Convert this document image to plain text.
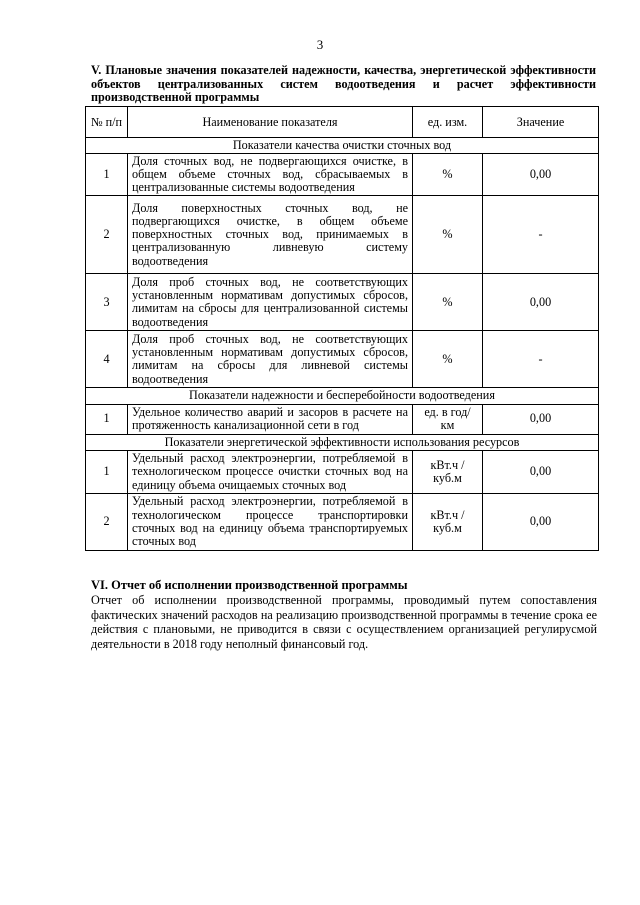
3
V. Плановые значения показателей надежности, качества, энергетической эффективности объектов централизованных систем водоотведения и расчет эффективности производственной программы
№ п/п	Наименование показателя	ед. изм.	Значение
Показатели качества очистки сточных вод			
1	Доля сточных вод, не подвергающихся очистке, в общем объеме сточных вод, сбрасываемых в централизованные системы водоотведения	%	0,00
2	Доля поверхностных сточных вод, не подвергающихся очистке, в общем объеме поверхностных сточных вод, принимаемых в централизованную ливневую систему водоотведения	%	-
3	Доля проб сточных вод, не соответствующих установленным нормативам допустимых сбросов, лимитам на сбросы для централизованной системы водоотведения	%	0,00
4	Доля проб сточных вод, не соответствующих установленным нормативам допустимых сбросов, лимитам на сбросы для ливневой системы водоотведения	%	-
Показатели надежности и бесперебойности водоотведения			
1	Удельное количество аварий и засоров в расчете на протяженность канализационной сети в год	ед. в год/ км	0,00
Показатели энергетической эффективности использования ресурсов			
1	Удельный расход электроэнергии, потребляемой в технологическом процессе очистки сточных вод на единицу объема очищаемых сточных вод	кВт.ч / куб.м	0,00
2	Удельный расход электроэнергии, потребляемой в технологическом процессе транспортировки сточных вод на единицу объема транспортируемых сточных вод	кВт.ч / куб.м	0,00
VI. Отчет об исполнении производственной программы
Отчет об исполнении производственной программы, проводимый путем сопоставления фактических значений расходов на реализацию производственной программы в течение срока ее действия с плановыми, не приводится в связи с осуществлением организацией регулирусмой деятельности в 2018 году неполный финансовый год.
